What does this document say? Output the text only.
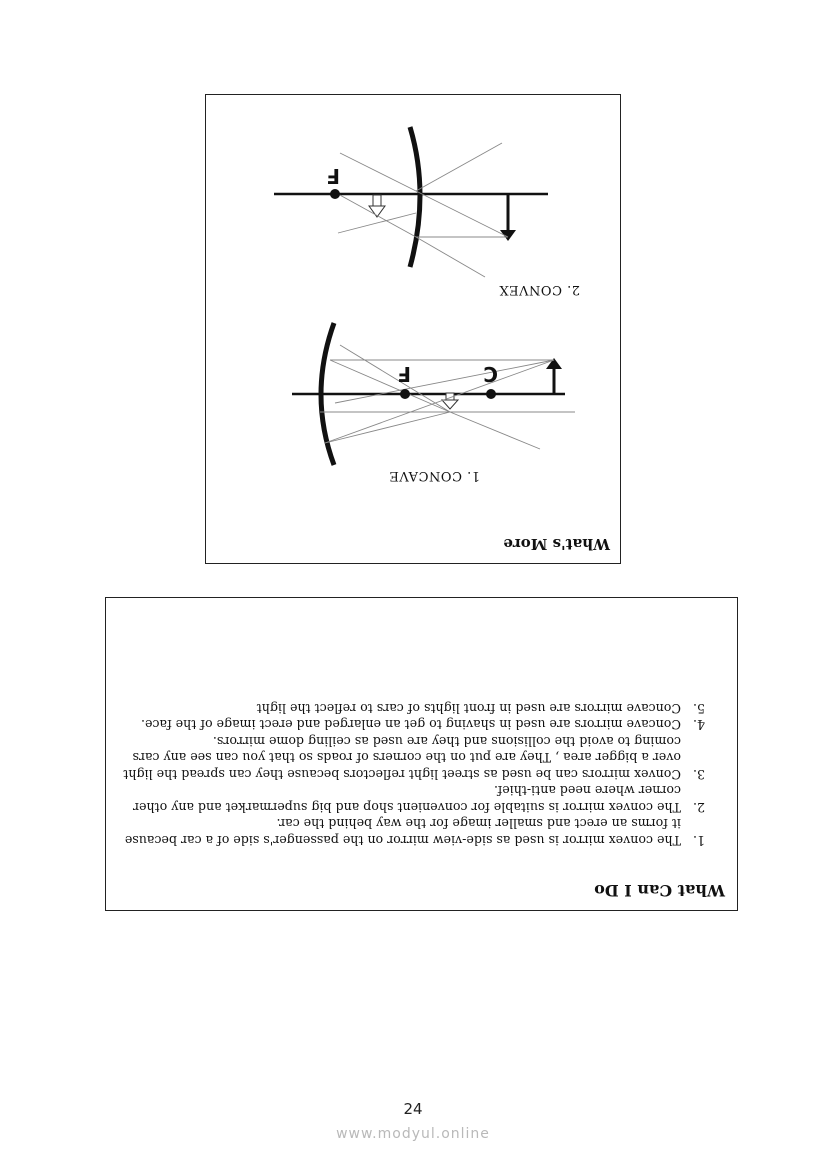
What Can I Do
1.
The convex mirror is used as side-view mirror on the passenger's side of a car because it forms an erect and smaller image for the way behind the car.
2.
The convex mirror is suitable for convenient shop and big supermarket and any other corner where need anti-thief.
3.
Convex mirrors can be used as street light reflectors because they can spread the light over a bigger area , They are put on the corners of roads so that you can see any cars coming to avoid the collisions and they are used as ceiling dome mirrors.
4.
Concave mirrors are used in shaving to get an enlarged and erect image of the face.
5.
Concave mirrors are used in front lights of cars to reflect the light
What's More
1. CONCAVE
2. CONVEX
C
F
F
24
www.modyul.online
